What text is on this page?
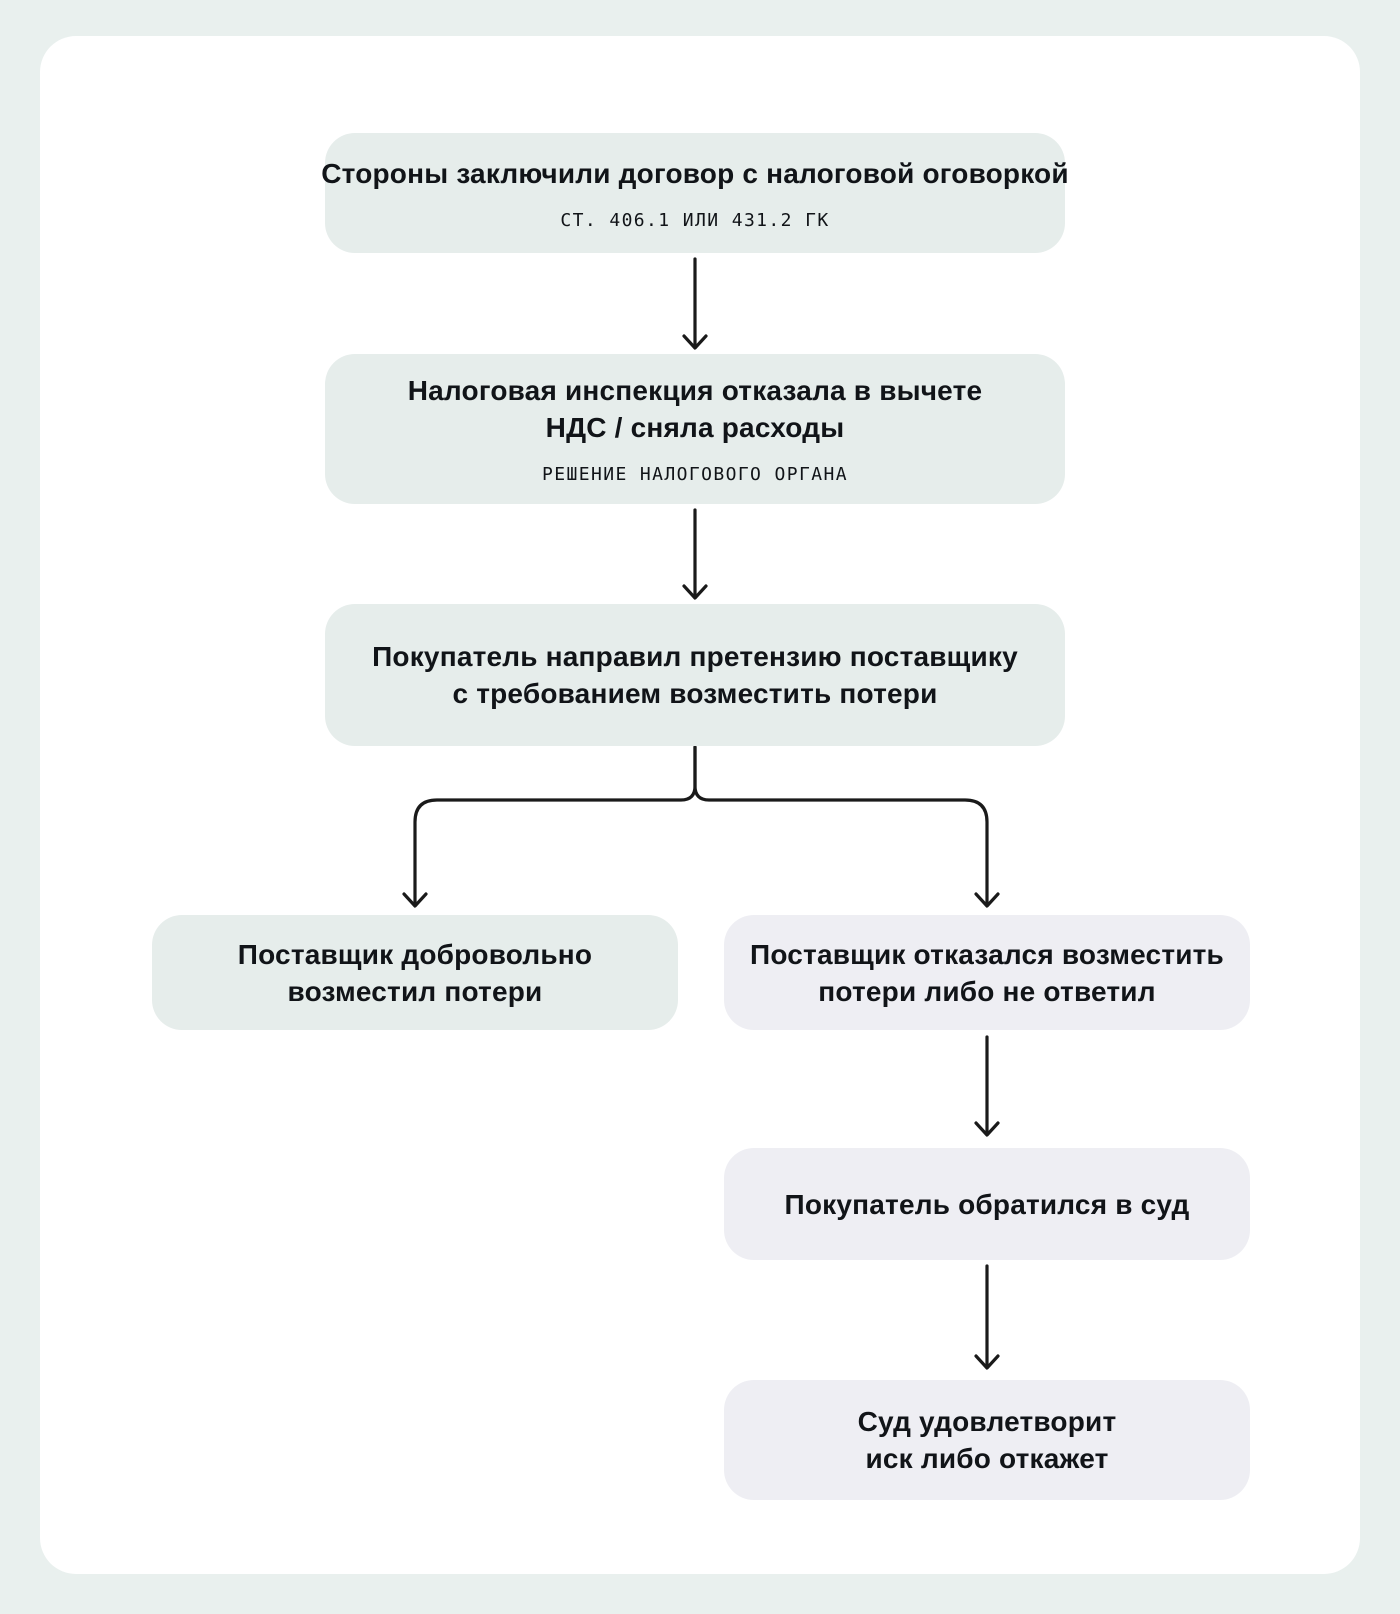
Стороны заключили договор с налоговой оговоркой
СТ. 406.1 ИЛИ 431.2 ГК
Налоговая инспекция отказала в вычете
НДС / сняла расходы
РЕШЕНИЕ НАЛОГОВОГО ОРГАНА
Покупатель направил претензию поставщику
с требованием возместить потери
Поставщик добровольно
возместил потери
Поставщик отказался возместить
потери либо не ответил
Покупатель обратился в суд
Суд удовлетворит
иск либо откажет
